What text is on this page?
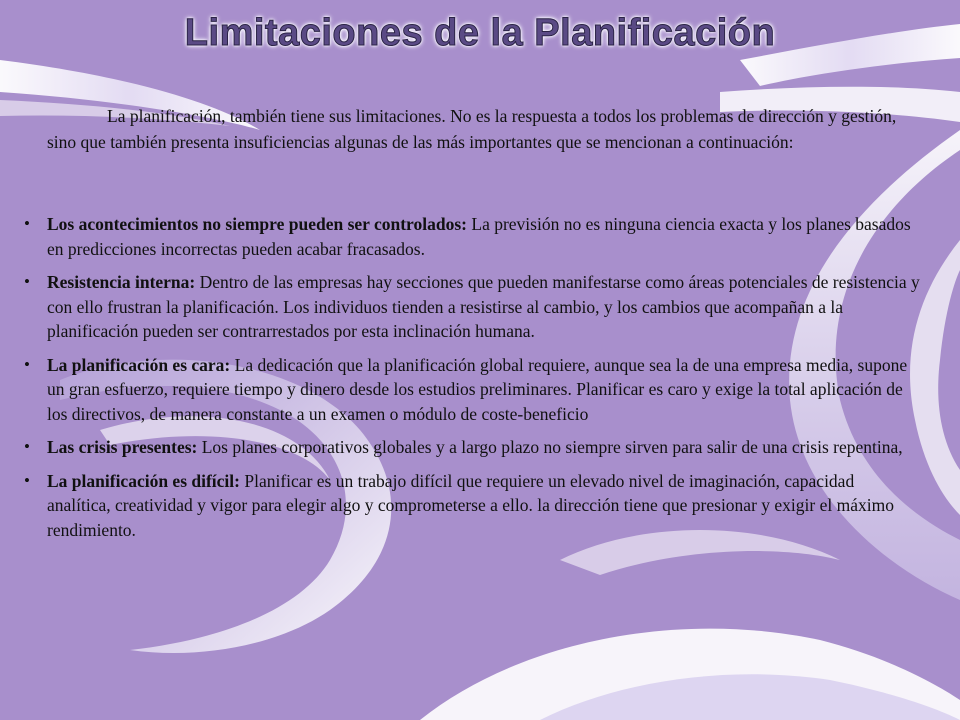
Limitaciones de la Planificación

La planificación, también tiene sus limitaciones. No es la respuesta a todos los problemas de dirección y gestión, sino que también presenta insuficiencias algunas de las más importantes que se mencionan a continuación:

• Los acontecimientos no siempre pueden ser controlados: La previsión no es ninguna ciencia exacta y los planes basados en predicciones incorrectas pueden acabar fracasados.
• Resistencia interna: Dentro de las empresas hay secciones que pueden manifestarse como áreas potenciales de resistencia y con ello frustran la planificación. Los individuos tienden a resistirse al cambio, y los cambios que acompañan a la planificación pueden ser contrarrestados por esta inclinación humana.
• La planificación es cara: La dedicación que la planificación global requiere, aunque sea la de una empresa media, supone un gran esfuerzo, requiere tiempo y dinero desde los estudios preliminares. Planificar es caro y exige la total aplicación de los directivos, de manera constante a un examen o módulo de coste-beneficio
• Las crisis presentes: Los planes corporativos globales y a largo plazo no siempre sirven para salir de una crisis repentina,
• La planificación es difícil: Planificar es un trabajo difícil que requiere un elevado nivel de imaginación, capacidad analítica, creatividad y vigor para elegir algo y comprometerse a ello. la dirección tiene que presionar y exigir el máximo rendimiento.
